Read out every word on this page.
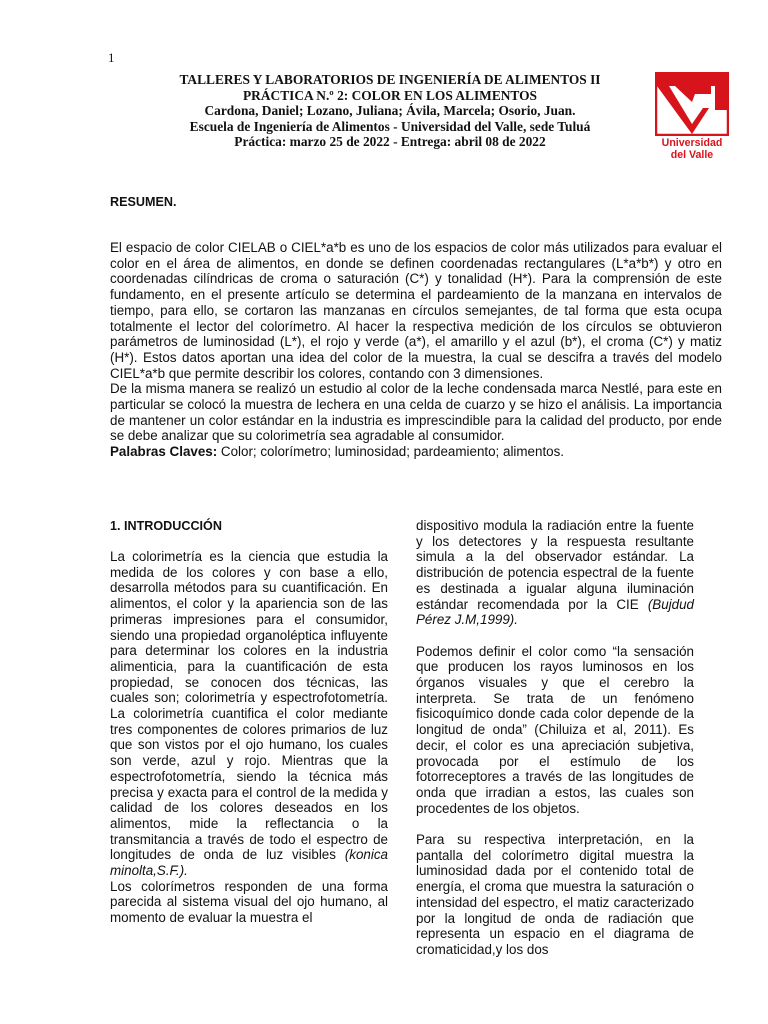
1
TALLERES Y LABORATORIOS DE INGENIERÍA DE ALIMENTOS II
PRÁCTICA N.º 2: COLOR EN LOS ALIMENTOS
Cardona, Daniel; Lozano, Juliana; Ávila, Marcela; Osorio, Juan.
Escuela de Ingeniería de Alimentos - Universidad del Valle, sede Tuluá
Práctica: marzo 25 de 2022 - Entrega: abril 08 de 2022	Universidad
del Valle
RESUMEN.

El espacio de color CIELAB o CIEL*a*b es uno de los espacios de color más utilizados para evaluar el color en el área de alimentos, en donde se definen coordenadas rectangulares (L*a*b*) y otro en coordenadas cilíndricas de croma o saturación (C*) y tonalidad (H*). Para la comprensión de este fundamento, en el presente artículo se determina el pardeamiento de la manzana en intervalos de tiempo, para ello, se cortaron las manzanas en círculos semejantes, de tal forma que esta ocupa totalmente el lector del colorímetro. Al hacer la respectiva medición de los círculos se obtuvieron parámetros de luminosidad (L*), el rojo y verde (a*), el amarillo y el azul (b*), el croma (C*) y matiz (H*). Estos datos aportan una idea del color de la muestra, la cual se descifra a través del modelo CIEL*a*b que permite describir los colores, contando con 3 dimensiones.

De la misma manera se realizó un estudio al color de la leche condensada marca Nestlé, para este en particular se colocó la muestra de lechera en una celda de cuarzo y se hizo el análisis. La importancia de mantener un color estándar en la industria es imprescindible para la calidad del producto, por ende se debe analizar que su colorimetría sea agradable al consumidor.

Palabras Claves: Color; colorímetro; luminosidad; pardeamiento; alimentos.

1. INTRODUCCIÓN

La colorimetría es la ciencia que estudia la medida de los colores y con base a ello, desarrolla métodos para su cuantificación. En alimentos, el color y la apariencia son de las primeras impresiones para el consumidor, siendo una propiedad organoléptica influyente para determinar los colores en la industria alimenticia, para la cuantificación de esta propiedad, se conocen dos técnicas, las cuales son; colorimetría y espectrofotometría. La colorimetría cuantifica el color mediante tres componentes de colores primarios de luz que son vistos por el ojo humano, los cuales son verde, azul y rojo. Mientras que la espectrofotometría, siendo la técnica más precisa y exacta para el control de la medida y calidad de los colores deseados en los alimentos, mide la reflectancia o la transmitancia a través de todo el espectro de longitudes de onda de luz visibles (konica minolta,S.F.).

Los colorímetros responden de una forma parecida al sistema visual del ojo humano, al momento de evaluar la muestra el

dispositivo modula la radiación entre la fuente y los detectores y la respuesta resultante simula a la del observador estándar. La distribución de potencia espectral de la fuente es destinada a igualar alguna iluminación estándar recomendada por la CIE (Bujdud Pérez J.M,1999).

Podemos definir el color como “la sensación que producen los rayos luminosos en los órganos visuales y que el cerebro la interpreta. Se trata de un fenómeno fisicoquímico donde cada color depende de la longitud de onda” (Chiluiza et al, 2011). Es decir, el color es una apreciación subjetiva, provocada por el estímulo de los fotorreceptores a través de las longitudes de onda que irradian a estos, las cuales son procedentes de los objetos.

Para su respectiva interpretación, en la pantalla del colorímetro digital muestra la luminosidad dada por el contenido total de energía, el croma que muestra la saturación o intensidad del espectro, el matiz caracterizado por la longitud de onda de radiación que representa un espacio en el diagrama de cromaticidad,y los dos
